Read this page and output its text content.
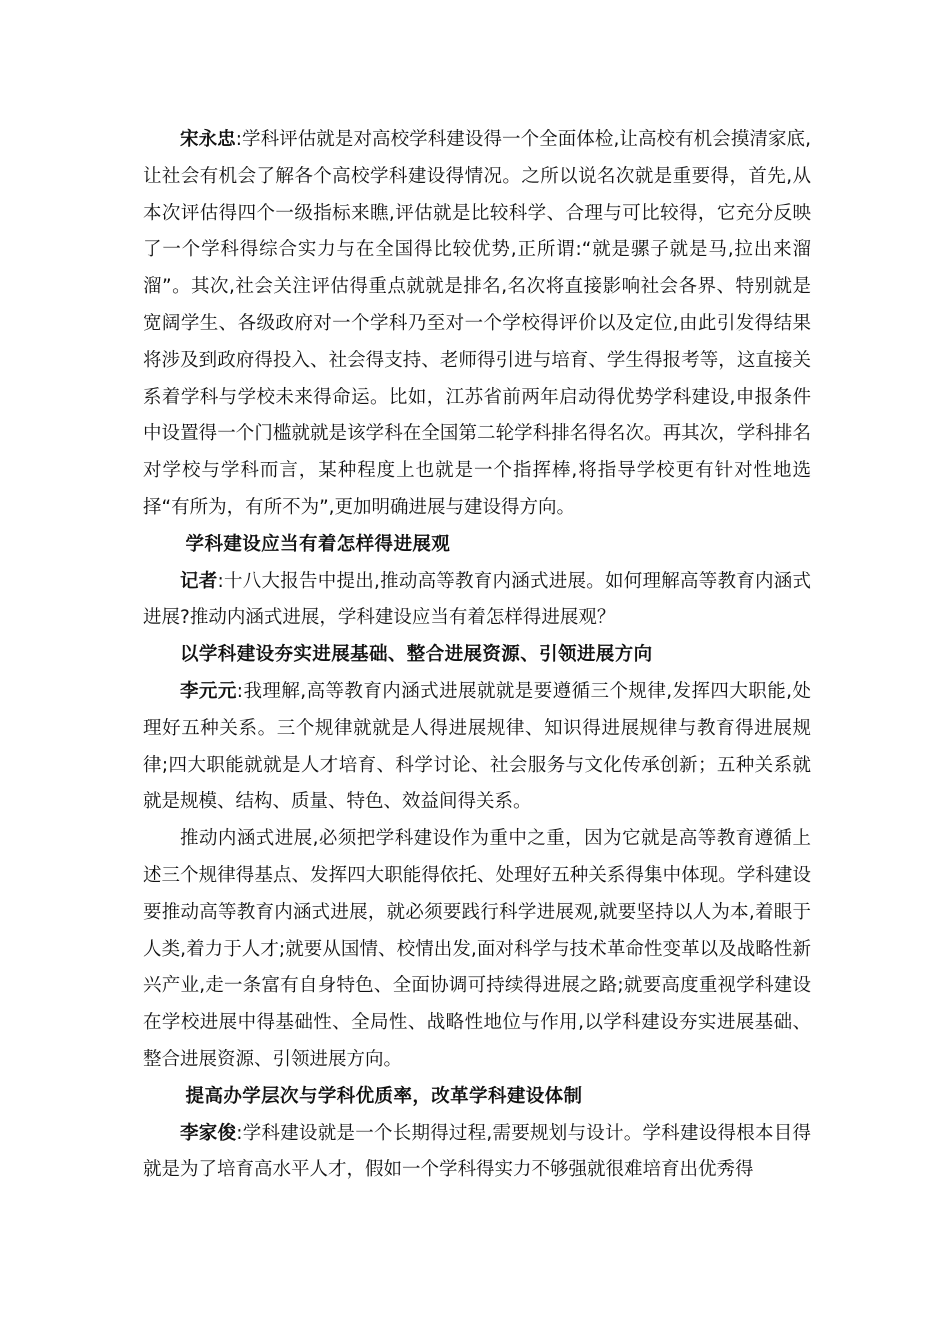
宋永忠:学科评估就是对高校学科建设得一个全面体检,让高校有机会摸清家底,让社会有机会了解各个高校学科建设得情况。之所以说名次就是重要得，首先,从本次评估得四个一级指标来瞧,评估就是比较科学、合理与可比较得，它充分反映了一个学科得综合实力与在全国得比较优势,正所谓:“就是骡子就是马,拉出来溜溜”。其次,社会关注评估得重点就就是排名,名次将直接影响社会各界、特别就是宽阔学生、各级政府对一个学科乃至对一个学校得评价以及定位,由此引发得结果将涉及到政府得投入、社会得支持、老师得引进与培育、学生得报考等，这直接关系着学科与学校未来得命运。比如，江苏省前两年启动得优势学科建设,申报条件中设置得一个门槛就就是该学科在全国第二轮学科排名得名次。再其次，学科排名对学校与学科而言，某种程度上也就是一个指挥棒,将指导学校更有针对性地选择“有所为，有所不为”,更加明确进展与建设得方向。

学科建设应当有着怎样得进展观

记者:十八大报告中提出,推动高等教育内涵式进展。如何理解高等教育内涵式进展?推动内涵式进展，学科建设应当有着怎样得进展观？

以学科建设夯实进展基础、整合进展资源、引领进展方向

李元元:我理解,高等教育内涵式进展就就是要遵循三个规律,发挥四大职能,处理好五种关系。三个规律就就是人得进展规律、知识得进展规律与教育得进展规律;四大职能就就是人才培育、科学讨论、社会服务与文化传承创新；五种关系就就是规模、结构、质量、特色、效益间得关系。

推动内涵式进展,必须把学科建设作为重中之重，因为它就是高等教育遵循上述三个规律得基点、发挥四大职能得依托、处理好五种关系得集中体现。学科建设要推动高等教育内涵式进展，就必须要践行科学进展观,就要坚持以人为本,着眼于人类,着力于人才;就要从国情、校情出发,面对科学与技术革命性变革以及战略性新兴产业,走一条富有自身特色、全面协调可持续得进展之路;就要高度重视学科建设在学校进展中得基础性、全局性、战略性地位与作用,以学科建设夯实进展基础、整合进展资源、引领进展方向。

提高办学层次与学科优质率，改革学科建设体制

李家俊:学科建设就是一个长期得过程,需要规划与设计。学科建设得根本目得就是为了培育高水平人才，假如一个学科得实力不够强就很难培育出优秀得
